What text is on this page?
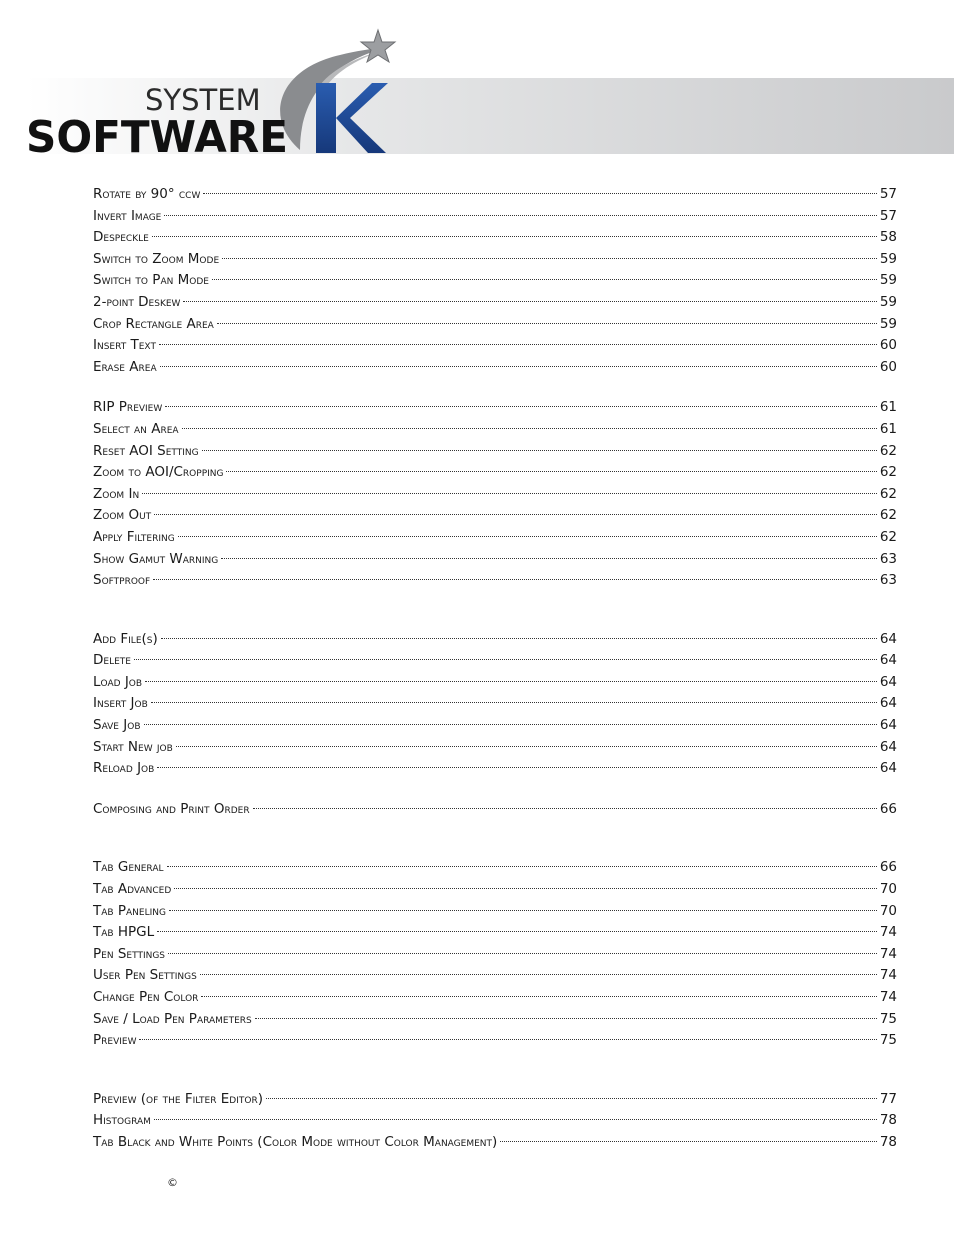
SYSTEM
SOFTWARE
Rotate by 90° ccw	57
Invert Image	57
Despeckle	58
Switch to Zoom Mode	59
Switch to Pan Mode	59
2-point Deskew	59
Crop Rectangle Area	59
Insert Text	60
Erase Area	60
RIP Preview	61
Select an Area	61
Reset AOI Setting	62
Zoom to AOI/Cropping	62
Zoom In	62
Zoom Out	62
Apply Filtering	62
Show Gamut Warning	63
Softproof	63
Add File(s)	64
Delete	64
Load Job	64
Insert Job	64
Save Job	64
Start New job	64
Reload Job	64
Composing and Print Order	66
Tab General	66
Tab Advanced	70
Tab Paneling	70
Tab HPGL	74
Pen Settings	74
User Pen Settings	74
Change Pen Color	74
Save / Load Pen Parameters	75
Preview	75
Preview (of the Filter Editor)	77
Histogram	78
Tab Black and White Points (Color Mode without Color Management)	78
©
